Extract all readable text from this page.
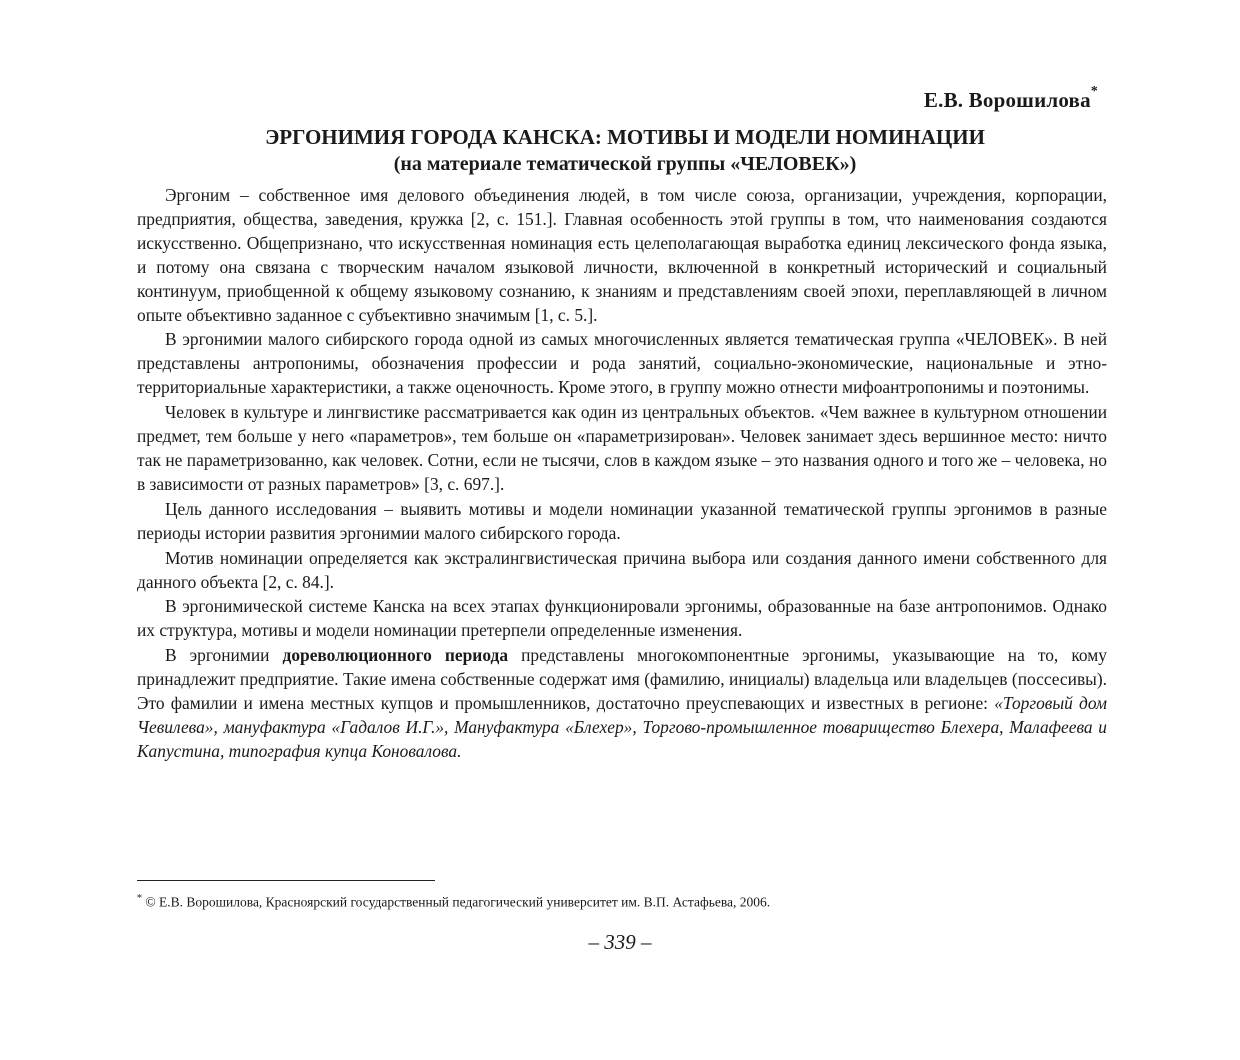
Е.В. Ворошилова*
ЭРГОНИМИЯ ГОРОДА КАНСКА: МОТИВЫ И МОДЕЛИ НОМИНАЦИИ
(на материале тематической группы «ЧЕЛОВЕК»)

Эргоним – собственное имя делового объединения людей, в том числе союза, организации, учреждения, корпорации, предприятия, общества, заведения, кружка [2, с. 151.]. Главная особенность этой группы в том, что наименования создаются искусственно. Общепризнано, что искусственная номинация есть целеполагающая выработка единиц лексического фонда языка, и потому она связана с творческим началом языковой личности, включенной в конкретный исторический и социальный континуум, приобщенной к общему языковому сознанию, к знаниям и представлениям своей эпохи, переплавляющей в личном опыте объективно заданное с субъективно значимым [1, с. 5.].

В эргонимии малого сибирского города одной из самых многочисленных является тематическая группа «ЧЕЛОВЕК». В ней представлены антропонимы, обозначения профессии и рода занятий, социально-экономические, национальные и этно-территориальные характеристики, а также оценочность. Кроме этого, в группу можно отнести мифоантропонимы и поэтонимы.

Человек в культуре и лингвистике рассматривается как один из центральных объектов. «Чем важнее в культурном отношении предмет, тем больше у него «параметров», тем больше он «параметризирован». Человек занимает здесь вершинное место: ничто так не параметризованно, как человек. Сотни, если не тысячи, слов в каждом языке – это названия одного и того же – человека, но в зависимости от разных параметров» [3, с. 697.].

Цель данного исследования – выявить мотивы и модели номинации указанной тематической группы эргонимов в разные периоды истории развития эргонимии малого сибирского города.

Мотив номинации определяется как экстралингвистическая причина выбора или создания данного имени собственного для данного объекта [2, с. 84.].

В эргонимической системе Канска на всех этапах функционировали эргонимы, образованные на базе антропонимов. Однако их структура, мотивы и модели номинации претерпели определенные изменения.

В эргонимии дореволюционного периода представлены многокомпонентные эргонимы, указывающие на то, кому принадлежит предприятие. Такие имена собственные содержат имя (фамилию, инициалы) владельца или владельцев (поссесивы). Это фамилии и имена местных купцов и промышленников, достаточно преуспевающих и известных в регионе: «Торговый дом Чевилева», мануфактура «Гадалов И.Г.», Мануфактура «Блехер», Торгово-промышленное товарищество Блехера, Малафеева и Капустина, типография купца Коновалова.

* © Е.В. Ворошилова, Красноярский государственный педагогический университет им. В.П. Астафьева, 2006.
– 339 –
